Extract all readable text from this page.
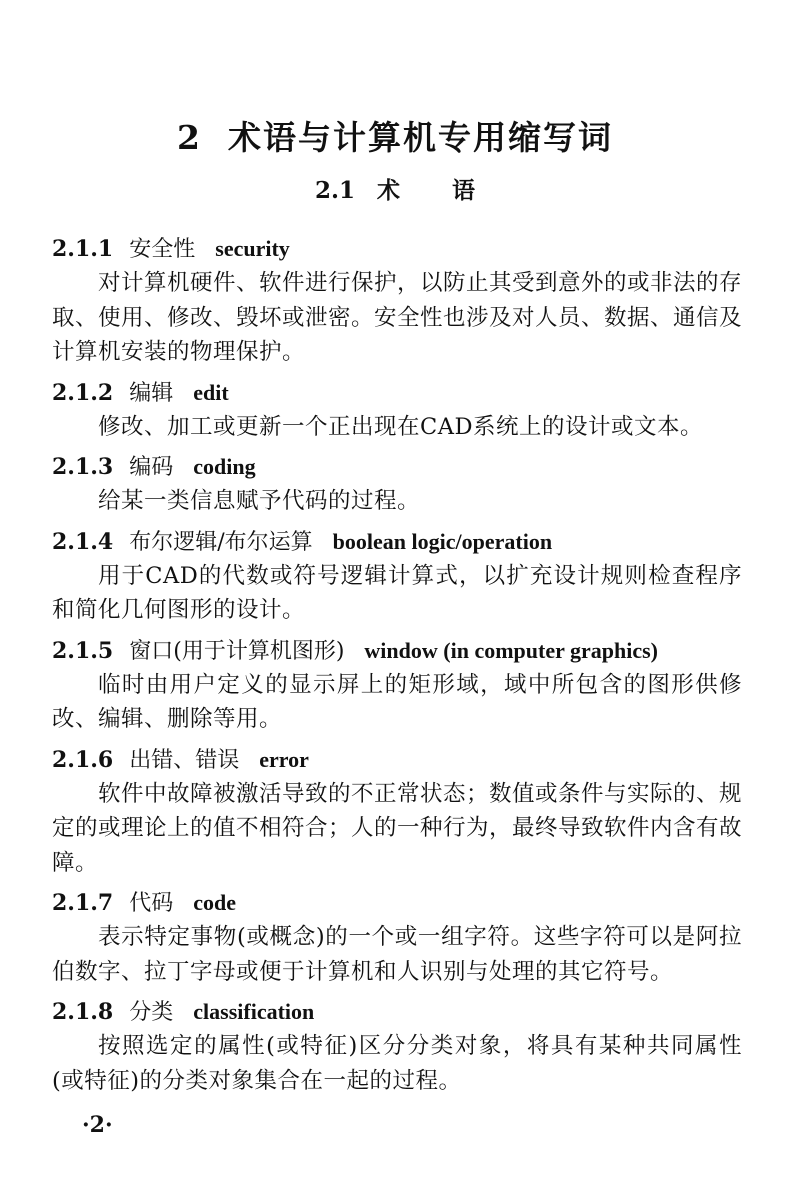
2 术语与计算机专用缩写词
2.1 术 语
2.1.1 安全性 security

对计算机硬件、软件进行保护，以防止其受到意外的或非法的存取、使用、修改、毁坏或泄密。安全性也涉及对人员、数据、通信及计算机安装的物理保护。

2.1.2 编辑 edit

修改、加工或更新一个正出现在CAD系统上的设计或文本。

2.1.3 编码 coding

给某一类信息赋予代码的过程。

2.1.4 布尔逻辑/布尔运算 boolean logic/operation

用于CAD的代数或符号逻辑计算式，以扩充设计规则检查程序和简化几何图形的设计。

2.1.5 窗口(用于计算机图形) window (in computer graphics)

临时由用户定义的显示屏上的矩形域，域中所包含的图形供修改、编辑、删除等用。

2.1.6 出错、错误 error

软件中故障被激活导致的不正常状态；数值或条件与实际的、规定的或理论上的值不相符合；人的一种行为，最终导致软件内含有故障。

2.1.7 代码 code

表示特定事物(或概念)的一个或一组字符。这些字符可以是阿拉伯数字、拉丁字母或便于计算机和人识别与处理的其它符号。

2.1.8 分类 classification

按照选定的属性(或特征)区分分类对象，将具有某种共同属性(或特征)的分类对象集合在一起的过程。

·2·
